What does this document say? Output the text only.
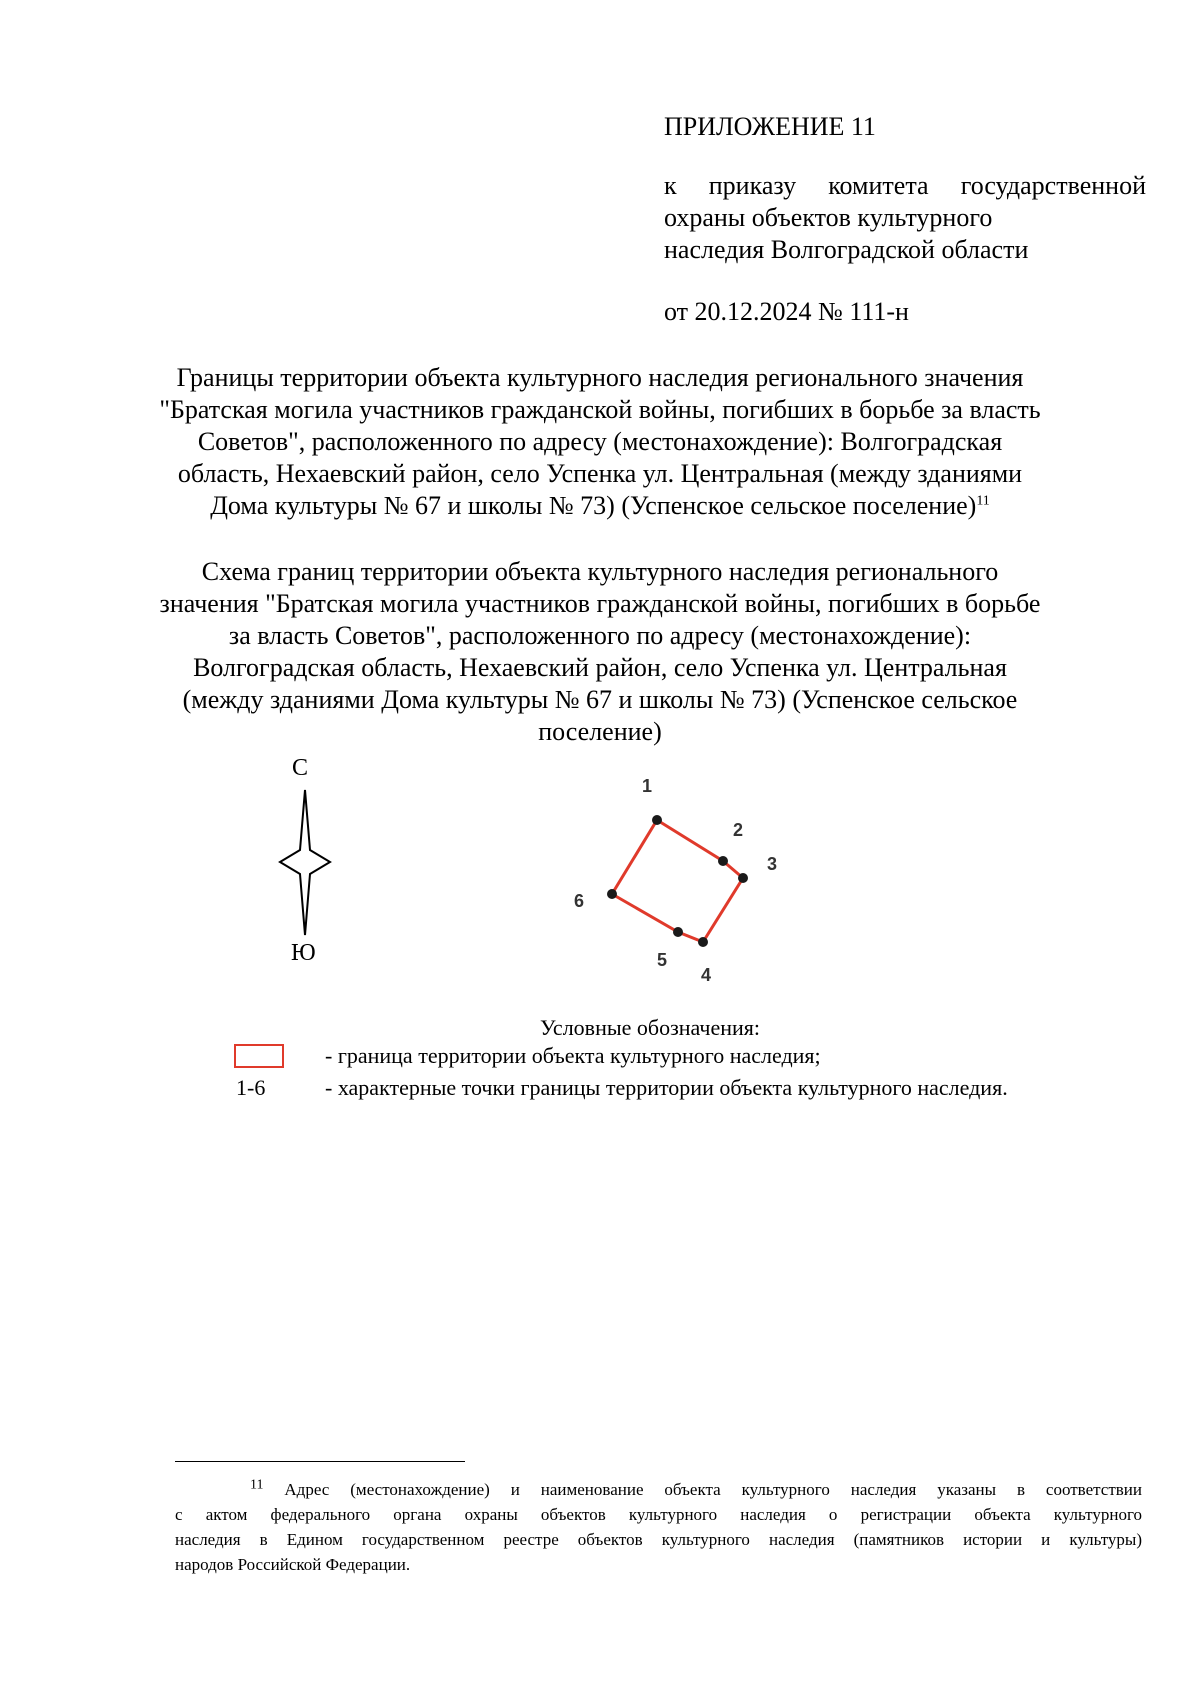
ПРИЛОЖЕНИЕ 11
к приказу комитета государственной
охраны объектов культурного
наследия Волгоградской области
от 20.12.2024 № 111-н
Границы территории объекта культурного наследия регионального значения
"Братская могила участников гражданской войны, погибших в борьбе за власть
Советов", расположенного по адресу (местонахождение): Волгоградская
область, Нехаевский район, село Успенка ул. Центральная (между зданиями
Дома культуры № 67 и школы № 73) (Успенское сельское поселение)$^{11}$
Схема границ территории объекта культурного наследия регионального
значения "Братская могила участников гражданской войны, погибших в борьбе
за власть Советов", расположенного по адресу (местонахождение):
Волгоградская область, Нехаевский район, село Успенка ул. Центральная
(между зданиями Дома культуры № 67 и школы № 73) (Успенское сельское
поселение)
С
Ю
1
2
3
4
5
6
Условные обозначения:
- граница территории объекта культурного наследия;
1-6	- характерные точки границы территории объекта культурного наследия.
$^{11}$ Адрес (местонахождение) и наименование объекта культурного наследия указаны в соответствии
с актом федерального органа охраны объектов культурного наследия о регистрации объекта культурного
наследия в Едином государственном реестре объектов культурного наследия (памятников истории и культуры)
народов Российской Федерации.
